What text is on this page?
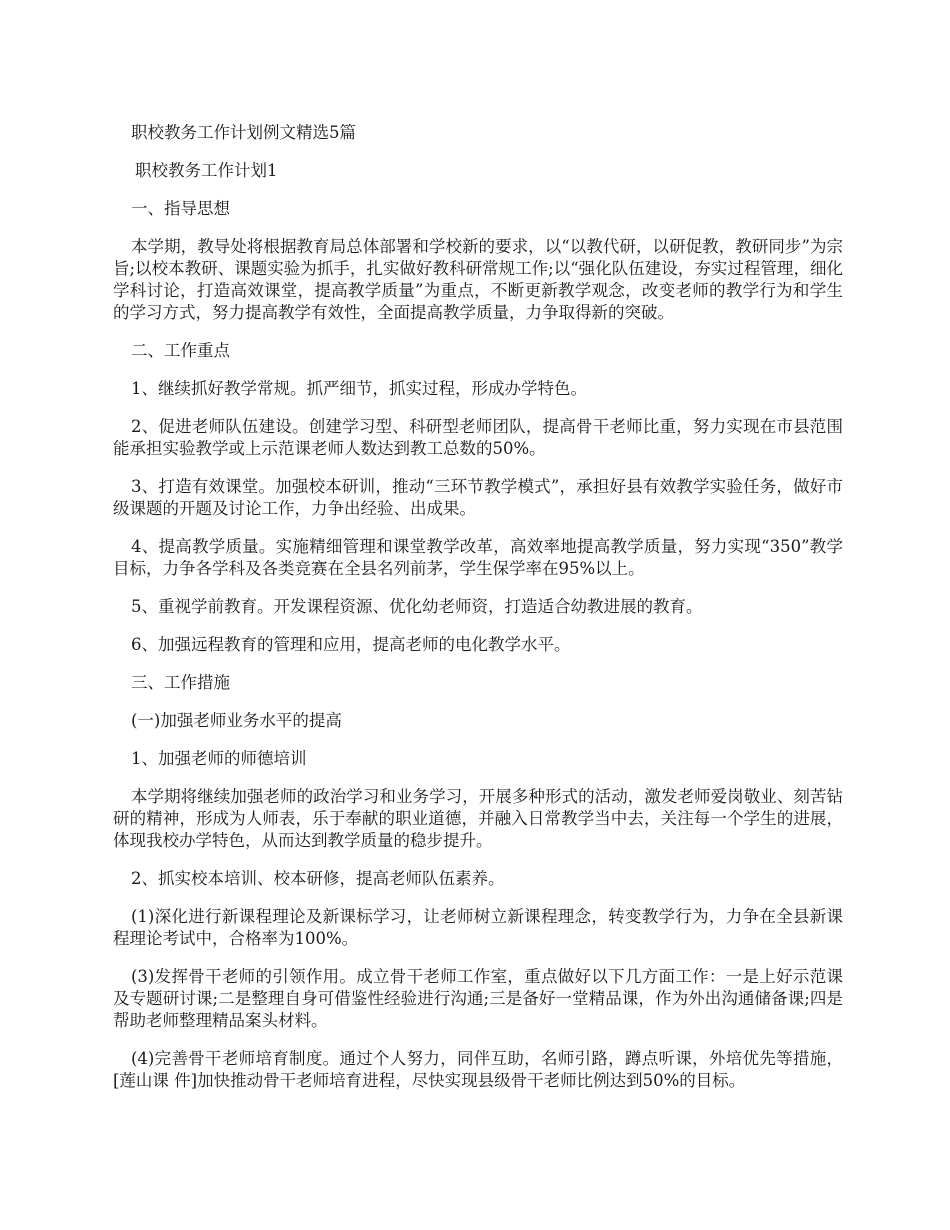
职校教务工作计划例文精选5篇

职校教务工作计划1

一、指导思想

本学期，教导处将根据教育局总体部署和学校新的要求，以“以教代研，以研促教，教研同步”为宗旨;以校本教研、课题实验为抓手，扎实做好教科研常规工作;以“强化队伍建设，夯实过程管理，细化学科讨论，打造高效课堂，提高教学质量”为重点，不断更新教学观念，改变老师的教学行为和学生的学习方式，努力提高教学有效性，全面提高教学质量，力争取得新的突破。

二、工作重点

1、继续抓好教学常规。抓严细节，抓实过程，形成办学特色。

2、促进老师队伍建设。创建学习型、科研型老师团队，提高骨干老师比重，努力实现在市县范围能承担实验教学或上示范课老师人数达到教工总数的50%。

3、打造有效课堂。加强校本研训，推动“三环节教学模式”，承担好县有效教学实验任务，做好市级课题的开题及讨论工作，力争出经验、出成果。

4、提高教学质量。实施精细管理和课堂教学改革，高效率地提高教学质量，努力实现“350”教学目标，力争各学科及各类竞赛在全县名列前茅，学生保学率在95%以上。

5、重视学前教育。开发课程资源、优化幼老师资，打造适合幼教进展的教育。

6、加强远程教育的管理和应用，提高老师的电化教学水平。

三、工作措施

(一)加强老师业务水平的提高

1、加强老师的师德培训

本学期将继续加强老师的政治学习和业务学习，开展多种形式的活动，激发老师爱岗敬业、刻苦钻研的精神，形成为人师表，乐于奉献的职业道德，并融入日常教学当中去，关注每一个学生的进展，体现我校办学特色，从而达到教学质量的稳步提升。

2、抓实校本培训、校本研修，提高老师队伍素养。

(1)深化进行新课程理论及新课标学习，让老师树立新课程理念，转变教学行为，力争在全县新课程理论考试中，合格率为100%。

(3)发挥骨干老师的引领作用。成立骨干老师工作室，重点做好以下几方面工作：一是上好示范课及专题研讨课;二是整理自身可借鉴性经验进行沟通;三是备好一堂精品课，作为外出沟通储备课;四是帮助老师整理精品案头材料。

(4)完善骨干老师培育制度。通过个人努力，同伴互助，名师引路，蹲点听课，外培优先等措施，[莲山课 件]加快推动骨干老师培育进程，尽快实现县级骨干老师比例达到50%的目标。
